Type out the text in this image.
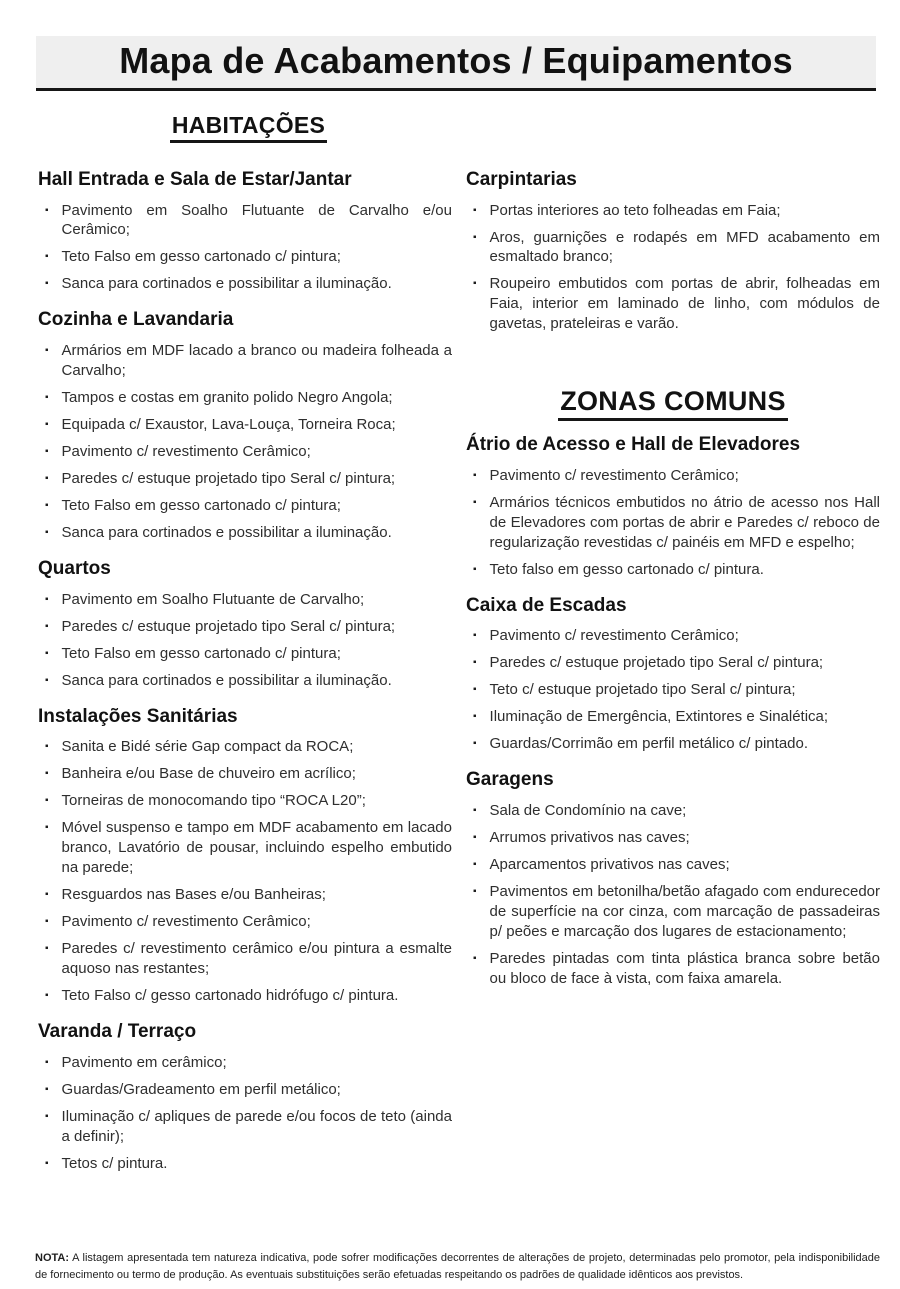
Mapa de Acabamentos / Equipamentos
HABITAÇÕES
Hall Entrada e Sala de Estar/Jantar
▪ Pavimento em Soalho Flutuante de Carvalho e/ou Cerâmico;
▪ Teto Falso em gesso cartonado c/ pintura;
▪ Sanca para cortinados e possibilitar a iluminação.
Cozinha e Lavandaria
▪ Armários em MDF lacado a branco ou madeira folheada a Carvalho;
▪ Tampos e costas em granito polido Negro Angola;
▪ Equipada c/ Exaustor, Lava-Louça, Torneira Roca;
▪ Pavimento c/ revestimento Cerâmico;
▪ Paredes c/ estuque projetado tipo Seral c/ pintura;
▪ Teto Falso em gesso cartonado c/ pintura;
▪ Sanca para cortinados e possibilitar a iluminação.
Quartos
▪ Pavimento em Soalho Flutuante de Carvalho;
▪ Paredes c/ estuque projetado tipo Seral c/ pintura;
▪ Teto Falso em gesso cartonado c/ pintura;
▪ Sanca para cortinados e possibilitar a iluminação.
Instalações Sanitárias
▪ Sanita e Bidé série Gap compact da ROCA;
▪ Banheira e/ou Base de chuveiro em acrílico;
▪ Torneiras de monocomando tipo “ROCA L20”;
▪ Móvel suspenso e tampo em MDF acabamento em lacado branco, Lavatório de pousar, incluindo espelho embutido na parede;
▪ Resguardos nas Bases e/ou Banheiras;
▪ Pavimento c/ revestimento Cerâmico;
▪ Paredes c/ revestimento cerâmico e/ou pintura a esmalte aquoso nas restantes;
▪ Teto Falso c/ gesso cartonado hidrófugo c/ pintura.
Varanda / Terraço
▪ Pavimento em cerâmico;
▪ Guardas/Gradeamento em perfil metálico;
▪ Iluminação c/ apliques de parede e/ou focos de teto (ainda a definir);
▪ Tetos c/ pintura.
Carpintarias
▪ Portas interiores ao teto folheadas em Faia;
▪ Aros, guarnições e rodapés em MFD acabamento em esmaltado branco;
▪ Roupeiro embutidos com portas de abrir, folheadas em Faia, interior em laminado de linho, com módulos de gavetas, prateleiras e varão.
ZONAS COMUNS
Átrio de Acesso e Hall de Elevadores
▪ Pavimento c/ revestimento Cerâmico;
▪ Armários técnicos embutidos no átrio de acesso nos Hall de Elevadores com portas de abrir e Paredes c/ reboco de regularização revestidas c/ painéis em MFD e espelho;
▪ Teto falso em gesso cartonado c/ pintura.
Caixa de Escadas
▪ Pavimento c/ revestimento Cerâmico;
▪ Paredes c/ estuque projetado tipo Seral c/ pintura;
▪ Teto c/ estuque projetado tipo Seral c/ pintura;
▪ Iluminação de Emergência, Extintores e Sinalética;
▪ Guardas/Corrimão em perfil metálico c/ pintado.
Garagens
▪ Sala de Condomínio na cave;
▪ Arrumos privativos nas caves;
▪ Aparcamentos privativos nas caves;
▪ Pavimentos em betonilha/betão afagado com endurecedor de superfície na cor cinza, com marcação de passadeiras p/ peões e marcação dos lugares de estacionamento;
▪ Paredes pintadas com tinta plástica branca sobre betão ou bloco de face à vista, com faixa amarela.

NOTA: A listagem apresentada tem natureza indicativa, pode sofrer modificações decorrentes de alterações de projeto, determinadas pelo promotor, pela indisponibilidade de fornecimento ou termo de produção. As eventuais substituições serão efetuadas respeitando os padrões de qualidade idênticos aos previstos.
